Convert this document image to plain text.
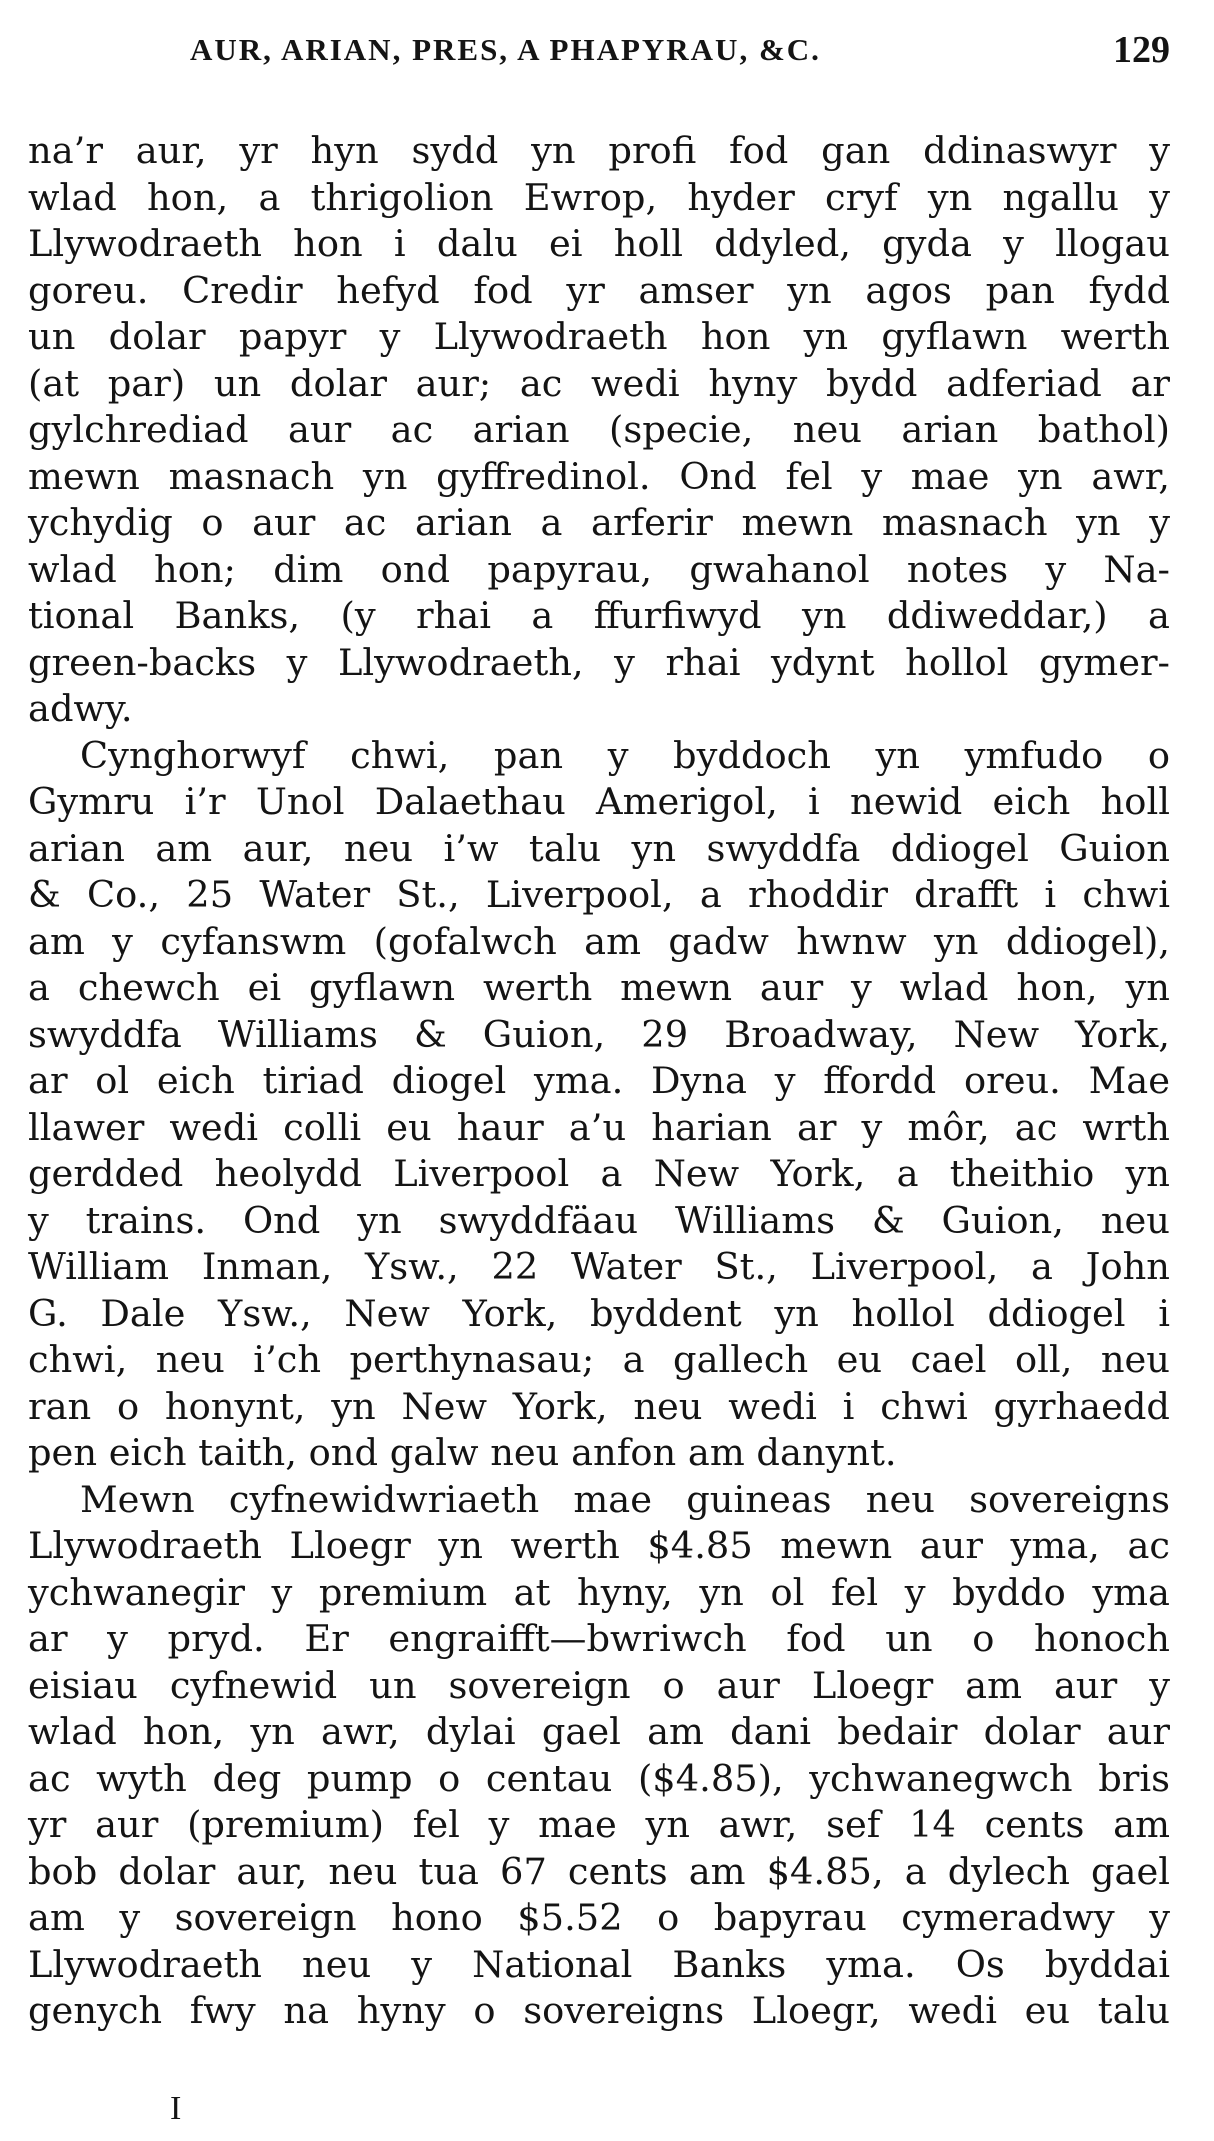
AUR, ARIAN, PRES, A PHAPYRAU, &C.	129
na’r aur, yr hyn sydd yn profi fod gan ddinaswyr y
wlad hon, a thrigolion Ewrop, hyder cryf yn ngallu y
Llywodraeth hon i dalu ei holl ddyled, gyda y llogau
goreu. Credir hefyd fod yr amser yn agos pan fydd
un dolar papyr y Llywodraeth hon yn gyflawn werth
(at par) un dolar aur; ac wedi hyny bydd adferiad ar
gylchrediad aur ac arian (specie, neu arian bathol)
mewn masnach yn gyffredinol. Ond fel y mae yn awr,
ychydig o aur ac arian a arferir mewn masnach yn y
wlad hon; dim ond papyrau, gwahanol notes y Na-
tional Banks, (y rhai a ffurfiwyd yn ddiweddar,) a
green-backs y Llywodraeth, y rhai ydynt hollol gymer-
adwy.
Cynghorwyf chwi, pan y byddoch yn ymfudo o
Gymru i’r Unol Dalaethau Amerigol, i newid eich holl
arian am aur, neu i’w talu yn swyddfa ddiogel Guion
& Co., 25 Water St., Liverpool, a rhoddir drafft i chwi
am y cyfanswm (gofalwch am gadw hwnw yn ddiogel),
a chewch ei gyflawn werth mewn aur y wlad hon, yn
swyddfa Williams & Guion, 29 Broadway, New York,
ar ol eich tiriad diogel yma. Dyna y ffordd oreu. Mae
llawer wedi colli eu haur a’u harian ar y môr, ac wrth
gerdded heolydd Liverpool a New York, a theithio yn
y trains. Ond yn swyddfäau Williams & Guion, neu
William Inman, Ysw., 22 Water St., Liverpool, a John
G. Dale Ysw., New York, byddent yn hollol ddiogel i
chwi, neu i’ch perthynasau; a gallech eu cael oll, neu
ran o honynt, yn New York, neu wedi i chwi gyrhaedd
pen eich taith, ond galw neu anfon am danynt.
Mewn cyfnewidwriaeth mae guineas neu sovereigns
Llywodraeth Lloegr yn werth $4.85 mewn aur yma, ac
ychwanegir y premium at hyny, yn ol fel y byddo yma
ar y pryd. Er engraifft—bwriwch fod un o honoch
eisiau cyfnewid un sovereign o aur Lloegr am aur y
wlad hon, yn awr, dylai gael am dani bedair dolar aur
ac wyth deg pump o centau ($4.85), ychwanegwch bris
yr aur (premium) fel y mae yn awr, sef 14 cents am
bob dolar aur, neu tua 67 cents am $4.85, a dylech gael
am y sovereign hono $5.52 o bapyrau cymeradwy y
Llywodraeth neu y National Banks yma. Os byddai
genych fwy na hyny o sovereigns Lloegr, wedi eu talu
I
